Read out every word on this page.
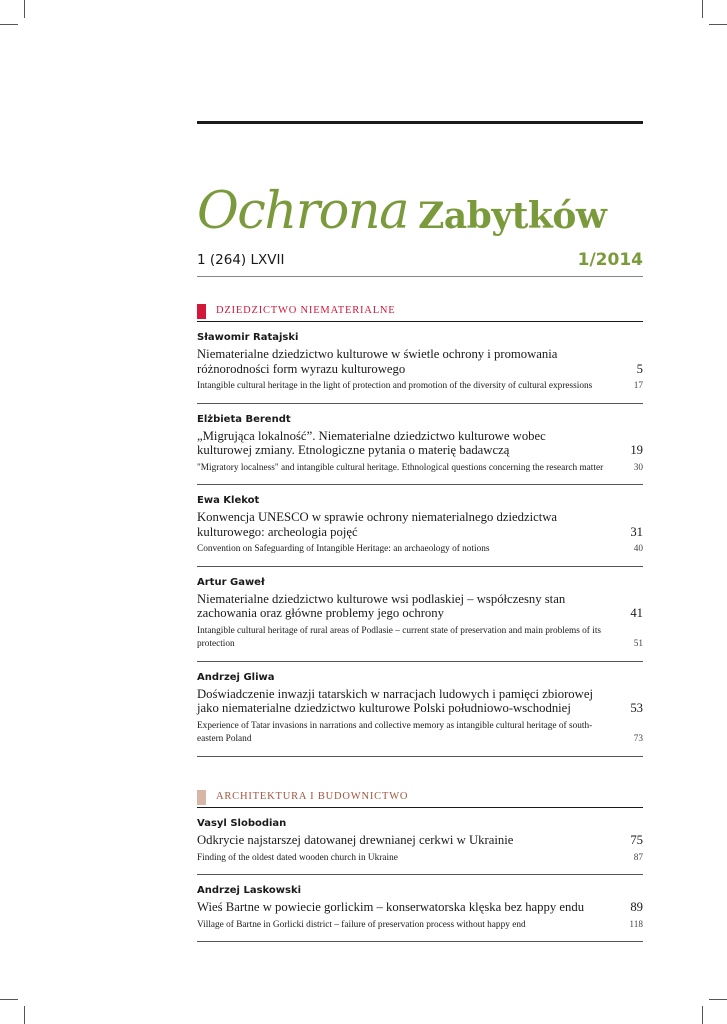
Ochrona Zabytków
1 (264) LXVII	1/2014
DZIEDZICTWO NIEMATERIALNE
Sławomir Ratajski
Niematerialne dziedzictwo kulturowe w świetle ochrony i promowania różnorodności form wyrazu kulturowego	5
Intangible cultural heritage in the light of protection and promotion of the diversity of cultural expressions	17
Elżbieta Berendt
„Migrująca lokalność”. Niematerialne dziedzictwo kulturowe wobec kulturowej zmiany. Etnologiczne pytania o materię badawczą	19
"Migratory localness" and intangible cultural heritage. Ethnological questions concerning the research matter	30
Ewa Klekot
Konwencja UNESCO w sprawie ochrony niematerialnego dziedzictwa kulturowego: archeologia pojęć	31
Convention on Safeguarding of Intangible Heritage: an archaeology of notions	40
Artur Gaweł
Niematerialne dziedzictwo kulturowe wsi podlaskiej – współczesny stan zachowania oraz główne problemy jego ochrony	41
Intangible cultural heritage of rural areas of Podlasie – current state of preservation and main problems of its protection	51
Andrzej Gliwa
Doświadczenie inwazji tatarskich w narracjach ludowych i pamięci zbiorowej jako niematerialne dziedzictwo kulturowe Polski południowo-wschodniej	53
Experience of Tatar invasions in narrations and collective memory as intangible cultural heritage of south-eastern Poland	73
ARCHITEKTURA I BUDOWNICTWO
Vasyl Slobodian
Odkrycie najstarszej datowanej drewnianej cerkwi w Ukrainie	75
Finding of the oldest dated wooden church in Ukraine	87
Andrzej Laskowski
Wieś Bartne w powiecie gorlickim – konserwatorska klęska bez happy endu	89
Village of Bartne in Gorlicki district – failure of preservation process without happy end	118
